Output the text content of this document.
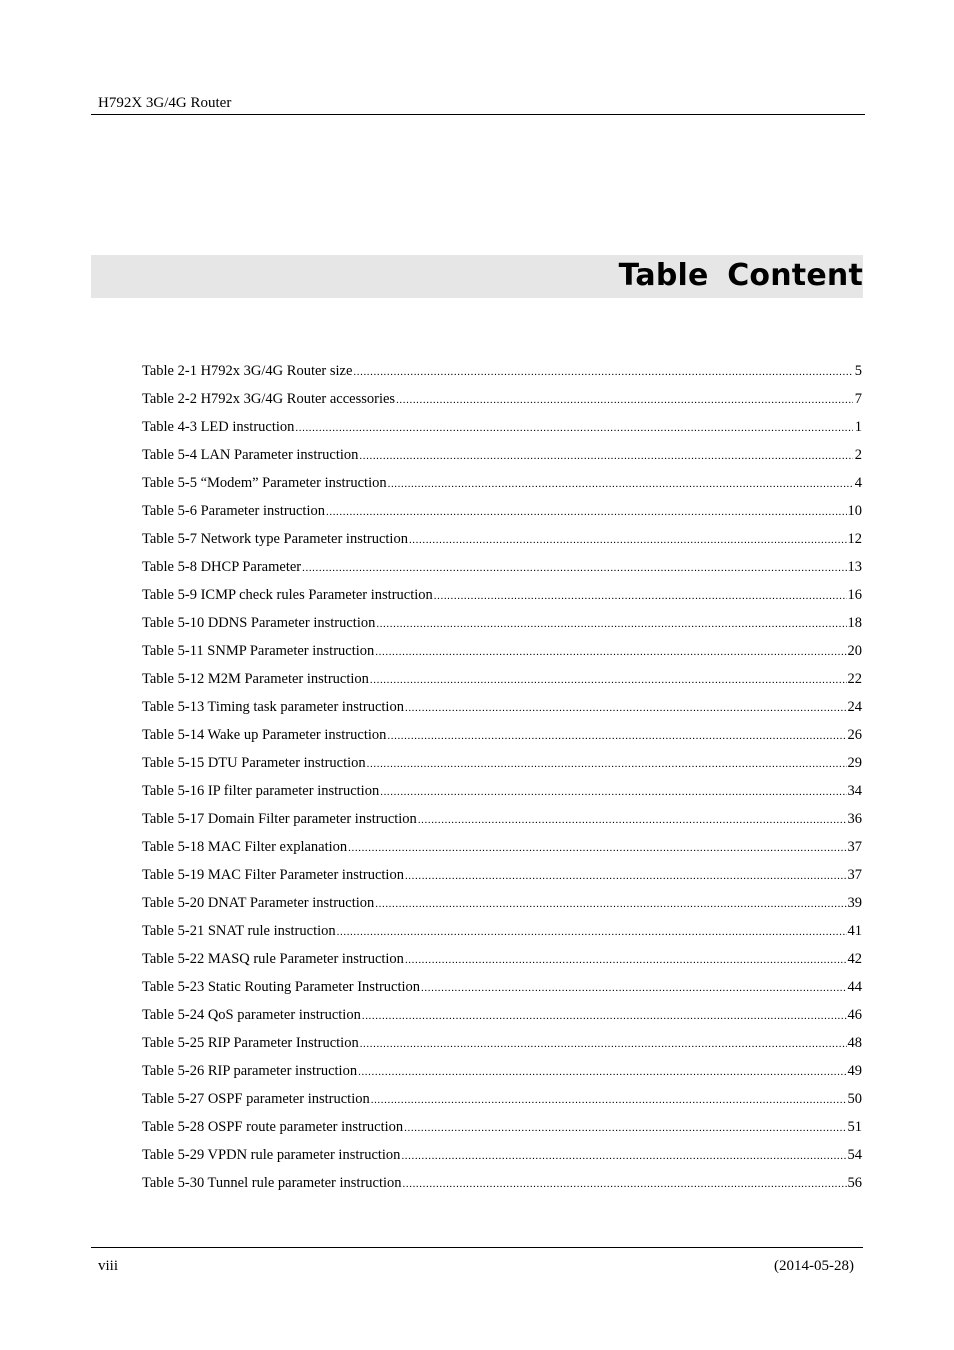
H792X 3G/4G Router
Table Content
Table 2-1 H792x 3G/4G Router size .....	5
Table 2-2 H792x 3G/4G Router accessories .....	7
Table 4-3 LED instruction .....	1
Table 5-4 LAN Parameter instruction .....	2
Table 5-5 “Modem” Parameter instruction .....	4
Table 5-6 Parameter instruction .....	10
Table 5-7 Network type Parameter instruction .....	12
Table 5-8 DHCP Parameter .....	13
Table 5-9 ICMP check rules Parameter instruction .....	16
Table 5-10 DDNS Parameter instruction .....	18
Table 5-11 SNMP Parameter instruction .....	20
Table 5-12 M2M Parameter instruction .....	22
Table 5-13 Timing task parameter instruction .....	24
Table 5-14 Wake up Parameter instruction .....	26
Table 5-15 DTU Parameter instruction .....	29
Table 5-16 IP filter parameter instruction .....	34
Table 5-17 Domain Filter parameter instruction .....	36
Table 5-18 MAC Filter explanation .....	37
Table 5-19 MAC Filter Parameter instruction .....	37
Table 5-20 DNAT Parameter instruction .....	39
Table 5-21 SNAT rule instruction .....	41
Table 5-22 MASQ rule Parameter instruction .....	42
Table 5-23 Static Routing Parameter Instruction .....	44
Table 5-24 QoS parameter instruction .....	46
Table 5-25 RIP Parameter Instruction .....	48
Table 5-26 RIP parameter instruction .....	49
Table 5-27 OSPF parameter instruction .....	50
Table 5-28 OSPF route parameter instruction .....	51
Table 5-29 VPDN rule parameter instruction .....	54
Table 5-30 Tunnel rule parameter instruction .....	56
viii	(2014-05-28)
